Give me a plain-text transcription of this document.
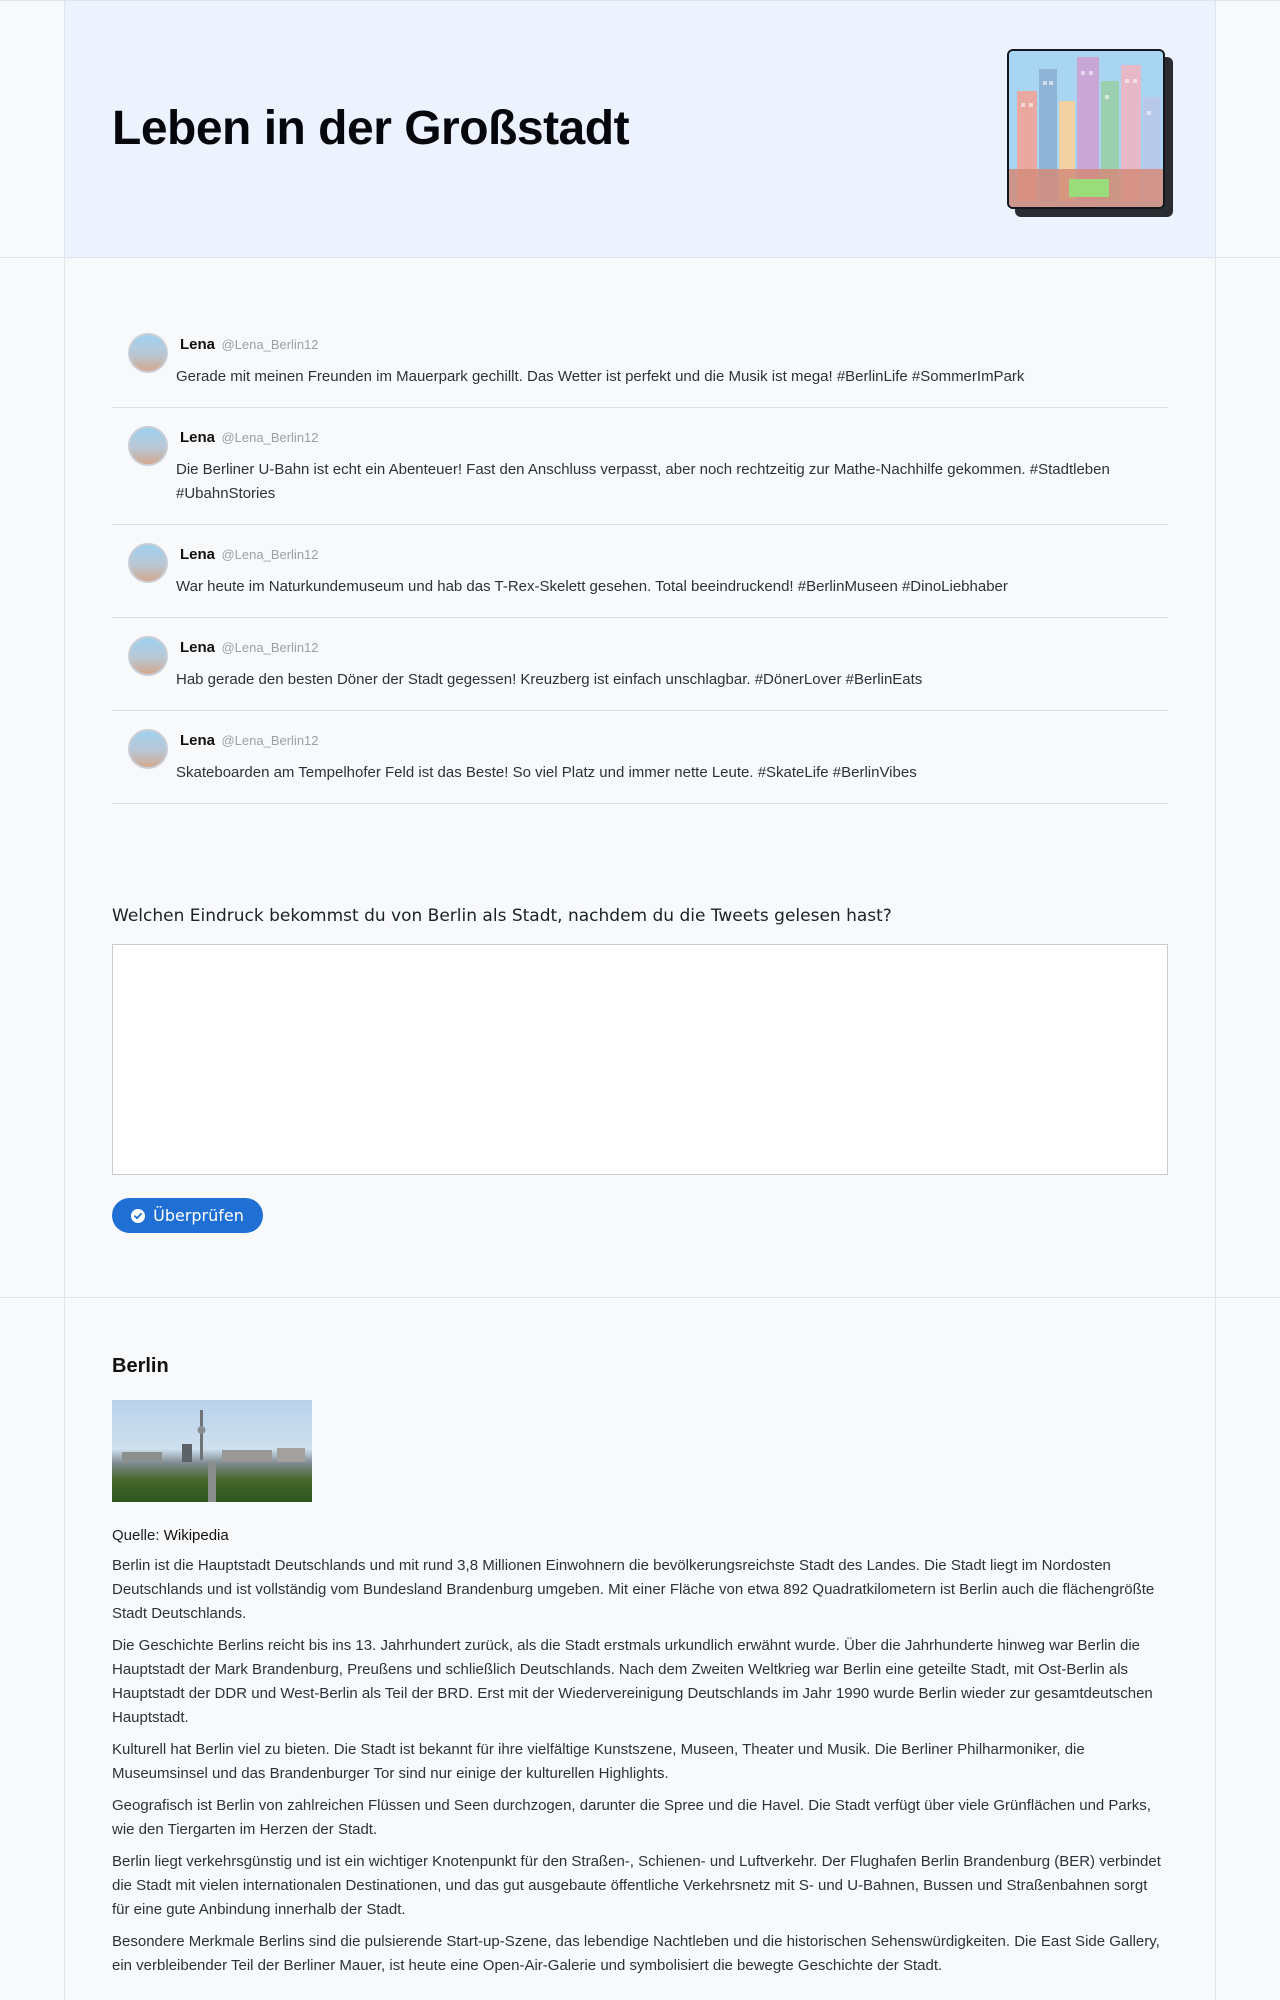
Leben in der Großstadt
Lena @Lena_Berlin12
Gerade mit meinen Freunden im Mauerpark gechillt. Das Wetter ist perfekt und die Musik ist mega! #BerlinLife #SommerImPark
Lena @Lena_Berlin12
Die Berliner U-Bahn ist echt ein Abenteuer! Fast den Anschluss verpasst, aber noch rechtzeitig zur Mathe-Nachhilfe gekommen. #Stadtleben #UbahnStories
Lena @Lena_Berlin12
War heute im Naturkundemuseum und hab das T-Rex-Skelett gesehen. Total beeindruckend! #BerlinMuseen #DinoLiebhaber
Lena @Lena_Berlin12
Hab gerade den besten Döner der Stadt gegessen! Kreuzberg ist einfach unschlagbar. #DönerLover #BerlinEats
Lena @Lena_Berlin12
Skateboarden am Tempelhofer Feld ist das Beste! So viel Platz und immer nette Leute. #SkateLife #BerlinVibes
Welchen Eindruck bekommst du von Berlin als Stadt, nachdem du die Tweets gelesen hast?
Überprüfen
Berlin

Quelle: Wikipedia

Berlin ist die Hauptstadt Deutschlands und mit rund 3,8 Millionen Einwohnern die bevölkerungsreichste Stadt des Landes. Die Stadt liegt im Nordosten Deutschlands und ist vollständig vom Bundesland Brandenburg umgeben. Mit einer Fläche von etwa 892 Quadratkilometern ist Berlin auch die flächengrößte Stadt Deutschlands.

Die Geschichte Berlins reicht bis ins 13. Jahrhundert zurück, als die Stadt erstmals urkundlich erwähnt wurde. Über die Jahrhunderte hinweg war Berlin die Hauptstadt der Mark Brandenburg, Preußens und schließlich Deutschlands. Nach dem Zweiten Weltkrieg war Berlin eine geteilte Stadt, mit Ost-Berlin als Hauptstadt der DDR und West-Berlin als Teil der BRD. Erst mit der Wiedervereinigung Deutschlands im Jahr 1990 wurde Berlin wieder zur gesamtdeutschen Hauptstadt.

Kulturell hat Berlin viel zu bieten. Die Stadt ist bekannt für ihre vielfältige Kunstszene, Museen, Theater und Musik. Die Berliner Philharmoniker, die Museumsinsel und das Brandenburger Tor sind nur einige der kulturellen Highlights.

Geografisch ist Berlin von zahlreichen Flüssen und Seen durchzogen, darunter die Spree und die Havel. Die Stadt verfügt über viele Grünflächen und Parks, wie den Tiergarten im Herzen der Stadt.

Berlin liegt verkehrsgünstig und ist ein wichtiger Knotenpunkt für den Straßen-, Schienen- und Luftverkehr. Der Flughafen Berlin Brandenburg (BER) verbindet die Stadt mit vielen internationalen Destinationen, und das gut ausgebaute öffentliche Verkehrsnetz mit S- und U-Bahnen, Bussen und Straßenbahnen sorgt für eine gute Anbindung innerhalb der Stadt.

Besondere Merkmale Berlins sind die pulsierende Start-up-Szene, das lebendige Nachtleben und die historischen Sehenswürdigkeiten. Die East Side Gallery, ein verbleibender Teil der Berliner Mauer, ist heute eine Open-Air-Galerie und symbolisiert die bewegte Geschichte der Stadt.
